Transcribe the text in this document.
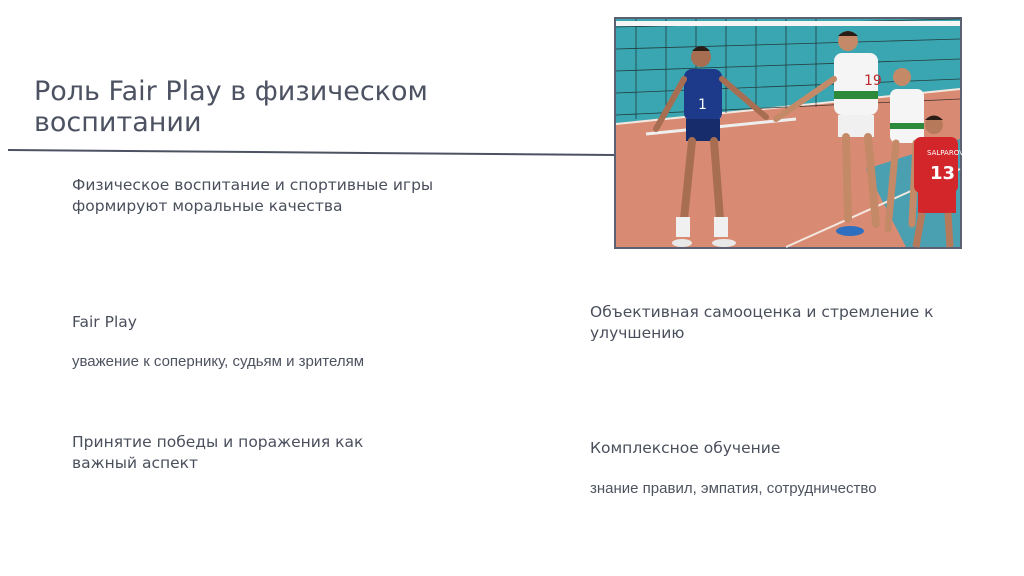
Роль Fair Play в физическом воспитании
1
19
SALPAROV
13

Физическое воспитание и спортивные игры формируют моральные качества

Fair Play

уважение к сопернику, судьям и зрителям

Принятие победы и поражения как важный аспект

Объективная самооценка и стремление к улучшению

Комплексное обучение

знание правил, эмпатия, сотрудничество
